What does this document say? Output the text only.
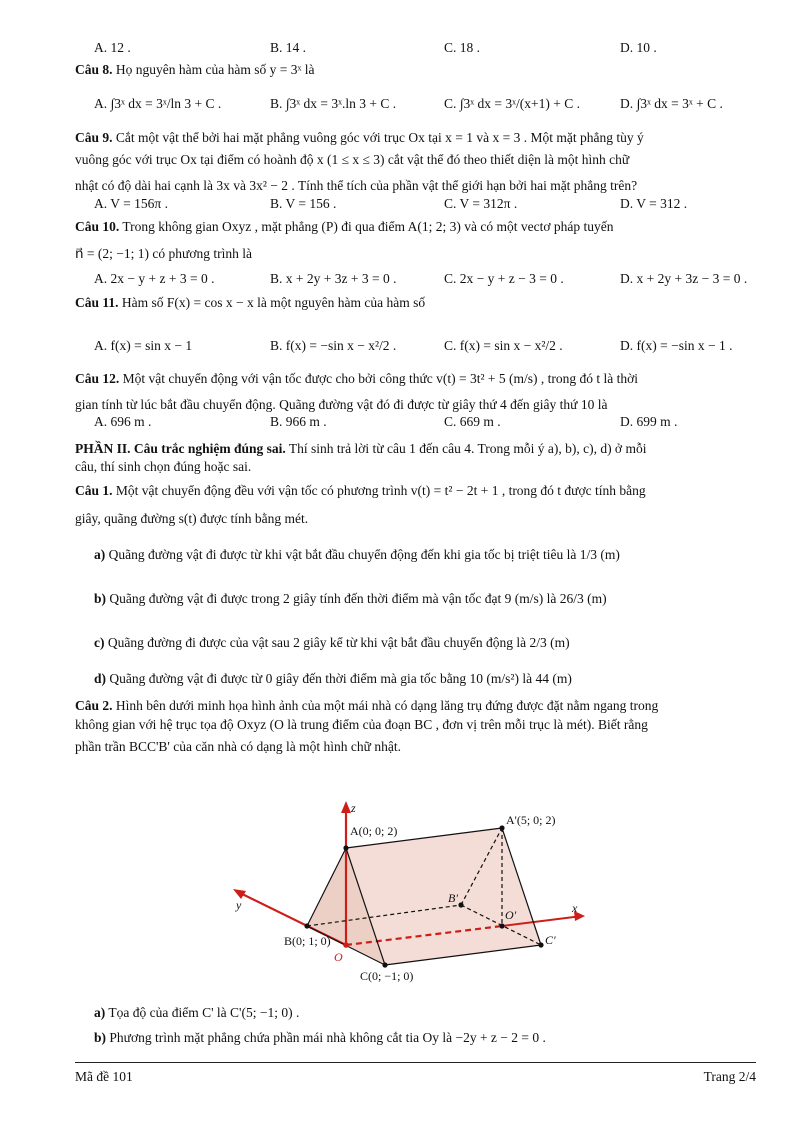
A. 12 .	B. 14 .	C. 18 .	D. 10 .
Câu 8. Họ nguyên hàm của hàm số y = 3ˣ là
A. ∫3ˣ dx = 3ˣ/ln 3 + C .	B. ∫3ˣ dx = 3ˣ.ln 3 + C .	C. ∫3ˣ dx = 3ˣ/(x+1) + C .	D. ∫3ˣ dx = 3ˣ + C .
Câu 9. Cắt một vật thể bởi hai mặt phẳng vuông góc với trục Ox tại x = 1 và x = 3 . Một mặt phẳng tùy ý
vuông góc với trục Ox tại điểm có hoành độ x (1 ≤ x ≤ 3) cắt vật thể đó theo thiết diện là một hình chữ
nhật có độ dài hai cạnh là 3x và 3x² − 2 . Tính thể tích của phần vật thể giới hạn bởi hai mặt phẳng trên?
A. V = 156π .	B. V = 156 .	C. V = 312π .	D. V = 312 .
Câu 10. Trong không gian Oxyz , mặt phẳng (P) đi qua điểm A(1; 2; 3) và có một vectơ pháp tuyến
n⃗ = (2; −1; 1) có phương trình là
A. 2x − y + z + 3 = 0 .	B. x + 2y + 3z + 3 = 0 .	C. 2x − y + z − 3 = 0 .	D. x + 2y + 3z − 3 = 0 .
Câu 11. Hàm số F(x) = cos x − x là một nguyên hàm của hàm số
A. f(x) = sin x − 1	B. f(x) = −sin x − x²/2 .	C. f(x) = sin x − x²/2 .	D. f(x) = −sin x − 1 .
Câu 12. Một vật chuyển động với vận tốc được cho bởi công thức v(t) = 3t² + 5 (m/s) , trong đó t là thời
gian tính từ lúc bắt đầu chuyển động. Quãng đường vật đó đi được từ giây thứ 4 đến giây thứ 10 là
A. 696 m .	B. 966 m .	C. 669 m .	D. 699 m .
PHẦN II. Câu trắc nghiệm đúng sai. Thí sinh trả lời từ câu 1 đến câu 4. Trong mỗi ý a), b), c), d) ở mỗi
câu, thí sinh chọn đúng hoặc sai.
Câu 1. Một vật chuyển động đều với vận tốc có phương trình v(t) = t² − 2t + 1 , trong đó t được tính bằng
giây, quãng đường s(t) được tính bằng mét.
a) Quãng đường vật đi được từ khi vật bắt đầu chuyển động đến khi gia tốc bị triệt tiêu là 1/3 (m)
b) Quãng đường vật đi được trong 2 giây tính đến thời điểm mà vận tốc đạt 9 (m/s) là 26/3 (m)
c) Quãng đường đi được của vật sau 2 giây kể từ khi vật bắt đầu chuyển động là 2/3 (m)
d) Quãng đường vật đi được từ 0 giây đến thời điểm mà gia tốc bằng 10 (m/s²) là 44 (m)
Câu 2. Hình bên dưới minh họa hình ảnh của một mái nhà có dạng lăng trụ đứng được đặt nằm ngang trong
không gian với hệ trục tọa độ Oxyz (O là trung điểm của đoạn BC , đơn vị trên mỗi trục là mét). Biết rằng
phần trần BCC'B' của căn nhà có dạng là một hình chữ nhật.
z
y	x
A(0; 0; 2)
A'(5; 0; 2)
B(0; 1; 0)
B'
O'
C'
C(0; −1; 0)
O
a) Tọa độ của điểm C' là C'(5; −1; 0) .
b) Phương trình mặt phẳng chứa phần mái nhà không cắt tia Oy là −2y + z − 2 = 0 .
Mã đề 101	Trang 2/4
